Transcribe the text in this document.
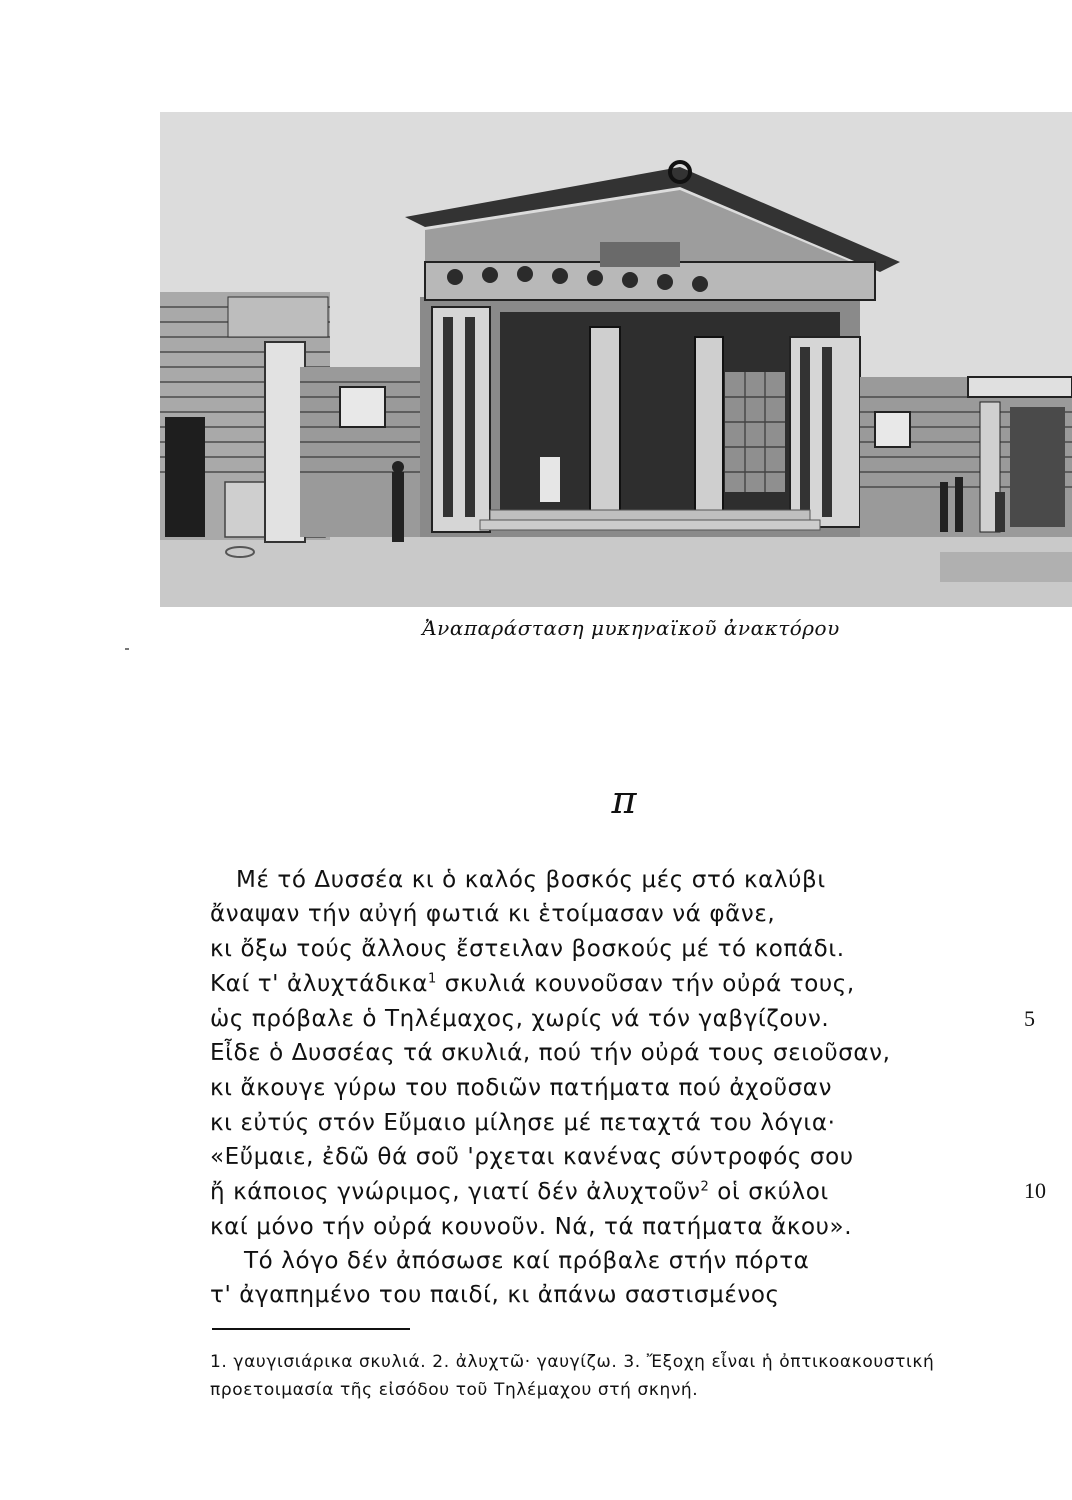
Ἀναπαράσταση μυκηναϊκοῦ ἀνακτόρου
π
Μέ τό Δυσσέα κι ὁ καλός βοσκός μές στό καλύβι
ἄναψαν τήν αὐγή φωτιά κι ἑτοίμασαν νά φᾶνε,
κι ὄξω τούς ἄλλους ἔστειλαν βοσκούς μέ τό κοπάδι.
Καί τ' ἀλυχτάδικα$^1$ σκυλιά κουνοῦσαν τήν οὐρά τους,
ὡς πρόβαλε ὁ Τηλέμαχος, χωρίς νά τόν γαβγίζουν.	5
Εἶδε ὁ Δυσσέας τά σκυλιά, πού τήν οὐρά τους σειοῦσαν,
κι ἄκουγε γύρω του ποδιῶν πατήματα πού ἀχοῦσαν
κι εὐτύς στόν Εὔμαιο μίλησε μέ πεταχτά του λόγια·
«Εὔμαιε, ἐδῶ θά σοῦ 'ρχεται κανένας σύντροφός σου
ἤ κάποιος γνώριμος, γιατί δέν ἀλυχτοῦν$^2$ οἱ σκύλοι	10
καί μόνο τήν οὐρά κουνοῦν. Νά, τά πατήματα ἄκου».
Τό λόγο δέν ἀπόσωσε καί πρόβαλε στήν πόρτα
τ' ἀγαπημένο του παιδί, κι ἀπάνω σαστισμένος
1. γαυγισιάρικα σκυλιά. 2. ἀλυχτῶ· γαυγίζω. 3. Ἔξοχη εἶναι ἡ ὀπτικοακουστική
προετοιμασία τῆς εἰσόδου τοῦ Τηλέμαχου στή σκηνή.
